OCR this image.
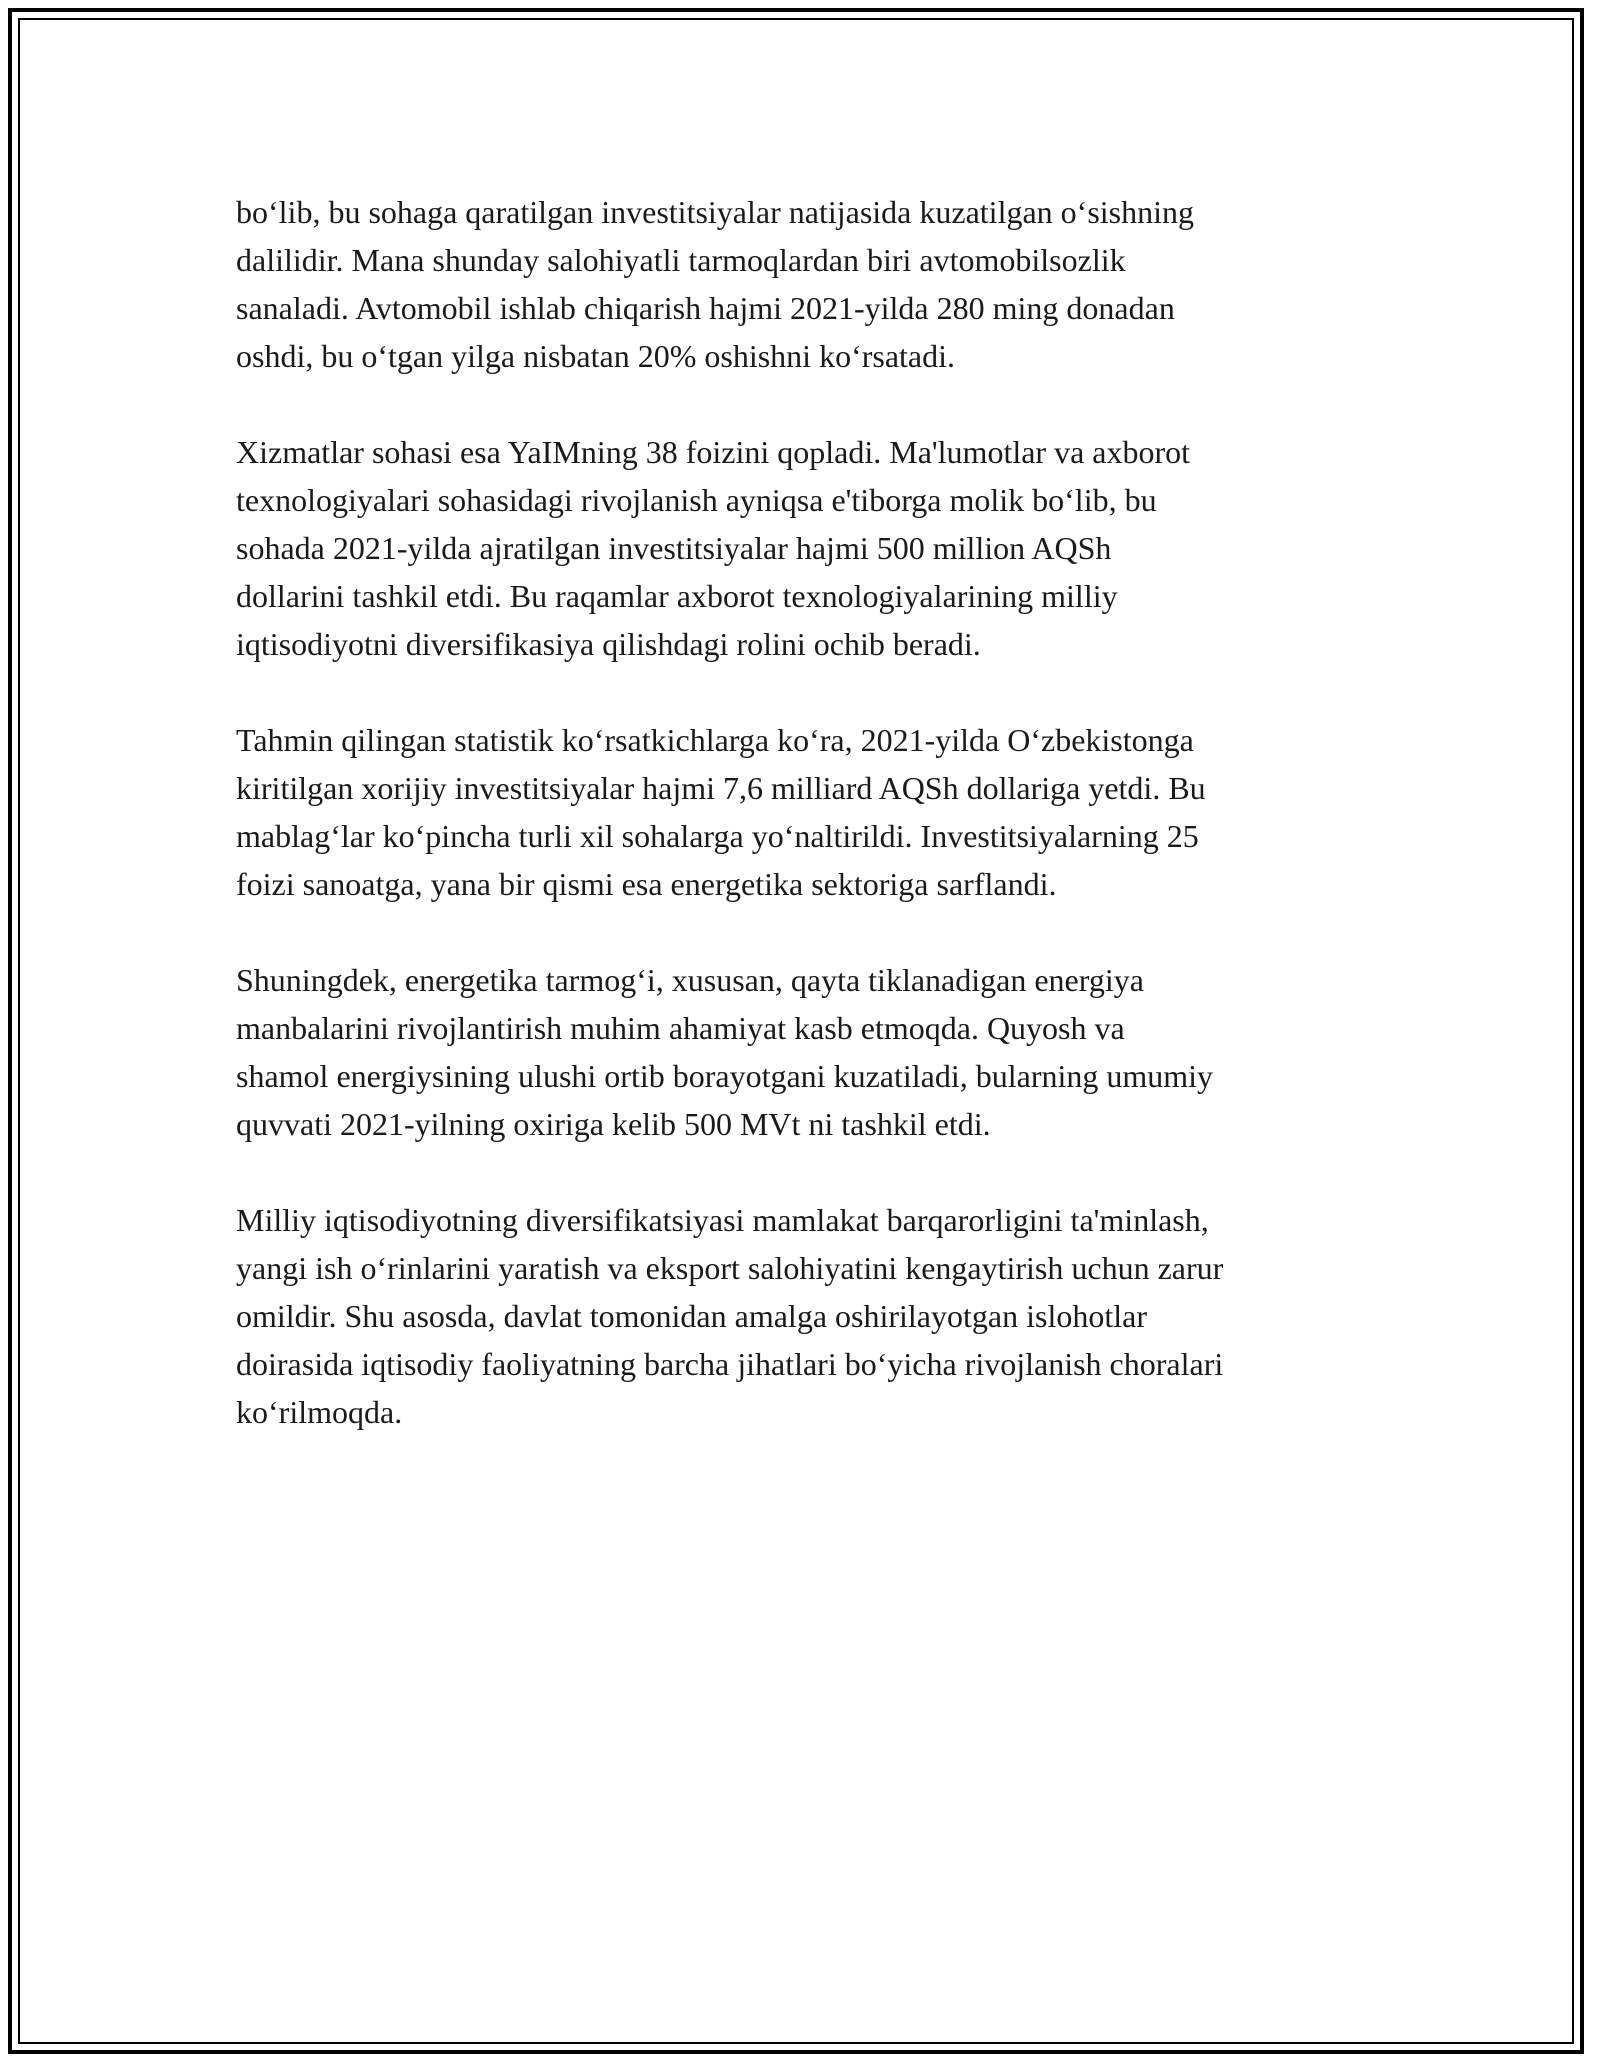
bo‘lib, bu sohaga qaratilgan investitsiyalar natijasida kuzatilgan o‘sishning
dalilidir. Mana shunday salohiyatli tarmoqlardan biri avtomobilsozlik
sanaladi. Avtomobil ishlab chiqarish hajmi 2021-yilda 280 ming donadan
oshdi, bu o‘tgan yilga nisbatan 20% oshishni ko‘rsatadi.

Xizmatlar sohasi esa YaIMning 38 foizini qopladi. Ma'lumotlar va axborot
texnologiyalari sohasidagi rivojlanish ayniqsa e'tiborga molik bo‘lib, bu
sohada 2021-yilda ajratilgan investitsiyalar hajmi 500 million AQSh
dollarini tashkil etdi. Bu raqamlar axborot texnologiyalarining milliy
iqtisodiyotni diversifikasiya qilishdagi rolini ochib beradi.

Tahmin qilingan statistik ko‘rsatkichlarga ko‘ra, 2021-yilda O‘zbekistonga
kiritilgan xorijiy investitsiyalar hajmi 7,6 milliard AQSh dollariga yetdi. Bu
mablag‘lar ko‘pincha turli xil sohalarga yo‘naltirildi. Investitsiyalarning 25
foizi sanoatga, yana bir qismi esa energetika sektoriga sarflandi.

Shuningdek, energetika tarmog‘i, xususan, qayta tiklanadigan energiya
manbalarini rivojlantirish muhim ahamiyat kasb etmoqda. Quyosh va
shamol energiysining ulushi ortib borayotgani kuzatiladi, bularning umumiy
quvvati 2021-yilning oxiriga kelib 500 MVt ni tashkil etdi.

Milliy iqtisodiyotning diversifikatsiyasi mamlakat barqarorligini ta'minlash,
yangi ish o‘rinlarini yaratish va eksport salohiyatini kengaytirish uchun zarur
omildir. Shu asosda, davlat tomonidan amalga oshirilayotgan islohotlar
doirasida iqtisodiy faoliyatning barcha jihatlari bo‘yicha rivojlanish choralari
ko‘rilmoqda.
